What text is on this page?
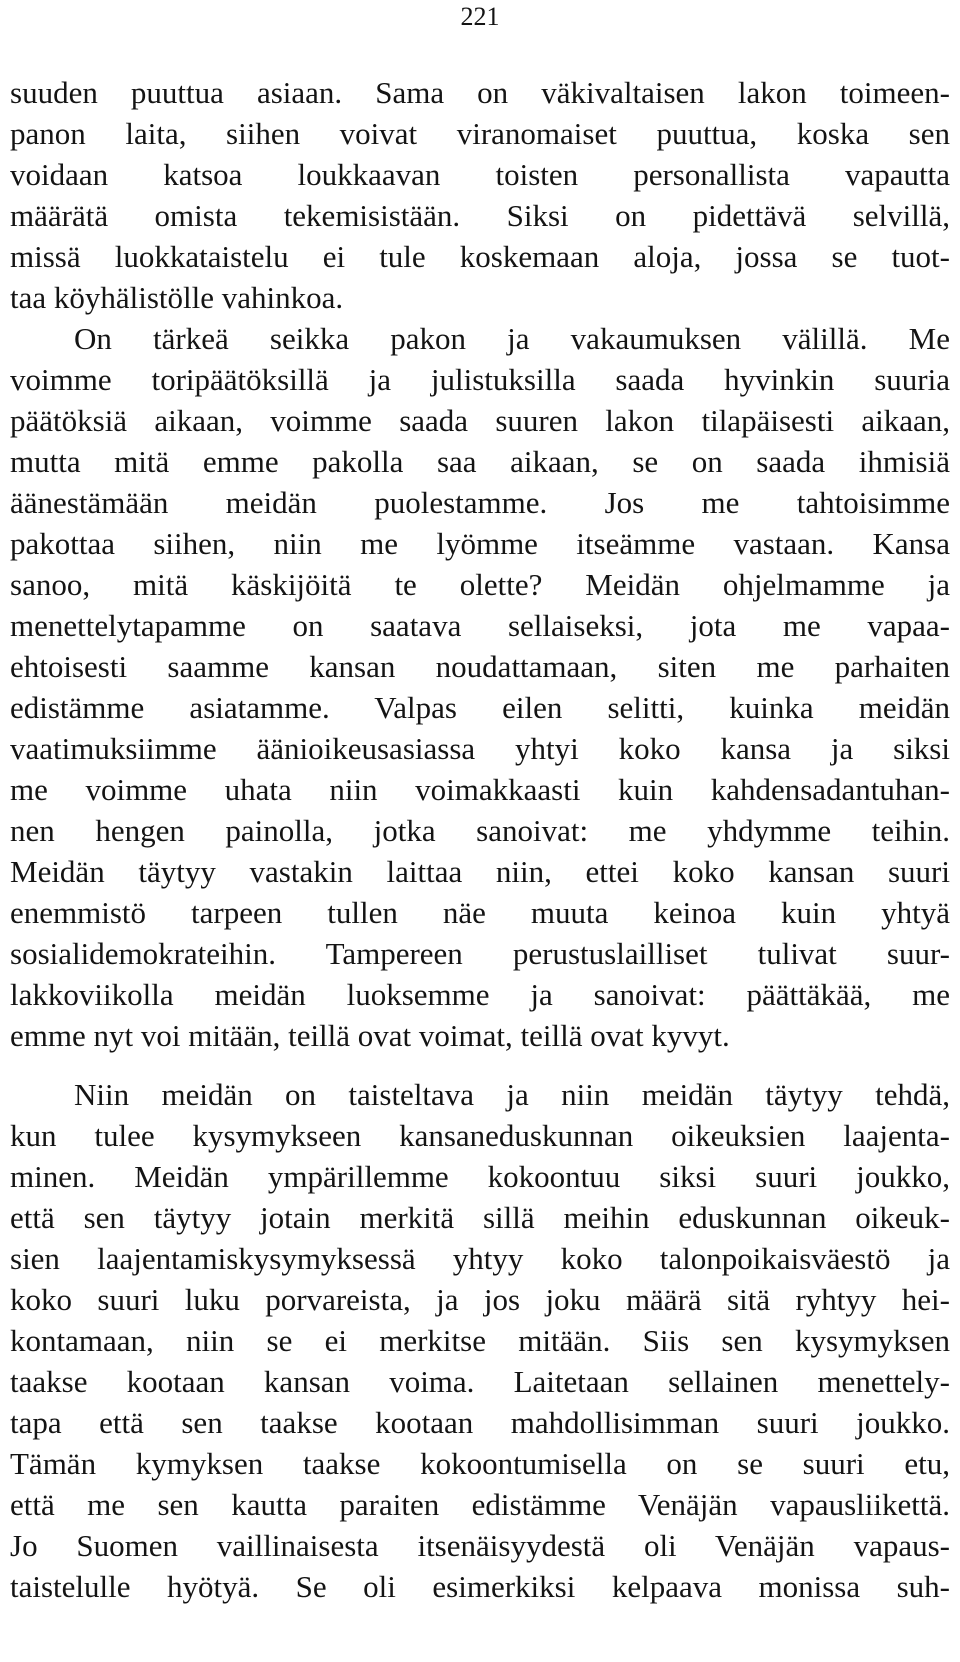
221
suuden puuttua asiaan. Sama on väkivaltaisen lakon toimeen-
panon laita, siihen voivat viranomaiset puuttua, koska sen
voidaan katsoa loukkaavan toisten personallista vapautta
määrätä omista tekemisistään. Siksi on pidettävä selvillä,
missä luokkataistelu ei tule koskemaan aloja, jossa se tuot-
taa köyhälistölle vahinkoa.
On tärkeä seikka pakon ja vakaumuksen välillä. Me
voimme toripäätöksillä ja julistuksilla saada hyvinkin suuria
päätöksiä aikaan, voimme saada suuren lakon tilapäisesti aikaan,
mutta mitä emme pakolla saa aikaan, se on saada ihmisiä
äänestämään meidän puolestamme. Jos me tahtoisimme
pakottaa siihen, niin me lyömme itseämme vastaan. Kansa
sanoo, mitä käskijöitä te olette? Meidän ohjelmamme ja
menettelytapamme on saatava sellaiseksi, jota me vapaa-
ehtoisesti saamme kansan noudattamaan, siten me parhaiten
edistämme asiatamme. Valpas eilen selitti, kuinka meidän
vaatimuksiimme äänioikeusasiassa yhtyi koko kansa ja siksi
me voimme uhata niin voimakkaasti kuin kahdensadantuhan-
nen hengen painolla, jotka sanoivat: me yhdymme teihin.
Meidän täytyy vastakin laittaa niin, ettei koko kansan suuri
enemmistö tarpeen tullen näe muuta keinoa kuin yhtyä
sosialidemokrateihin. Tampereen perustuslailliset tulivat suur-
lakkoviikolla meidän luoksemme ja sanoivat: päättäkää, me
emme nyt voi mitään, teillä ovat voimat, teillä ovat kyvyt.
Niin meidän on taisteltava ja niin meidän täytyy tehdä,
kun tulee kysymykseen kansaneduskunnan oikeuksien laajenta-
minen. Meidän ympärillemme kokoontuu siksi suuri joukko,
että sen täytyy jotain merkitä sillä meihin eduskunnan oikeuk-
sien laajentamiskysymyksessä yhtyy koko talonpoikaisväestö ja
koko suuri luku porvareista, ja jos joku määrä sitä ryhtyy hei-
kontamaan, niin se ei merkitse mitään. Siis sen kysymyksen
taakse kootaan kansan voima. Laitetaan sellainen menettely-
tapa että sen taakse kootaan mahdollisimman suuri joukko.
Tämän kymyksen taakse kokoontumisella on se suuri etu,
että me sen kautta paraiten edistämme Venäjän vapausliikettä.
Jo Suomen vaillinaisesta itsenäisyydestä oli Venäjän vapaus-
taistelulle hyötyä. Se oli esimerkiksi kelpaava monissa suh-
